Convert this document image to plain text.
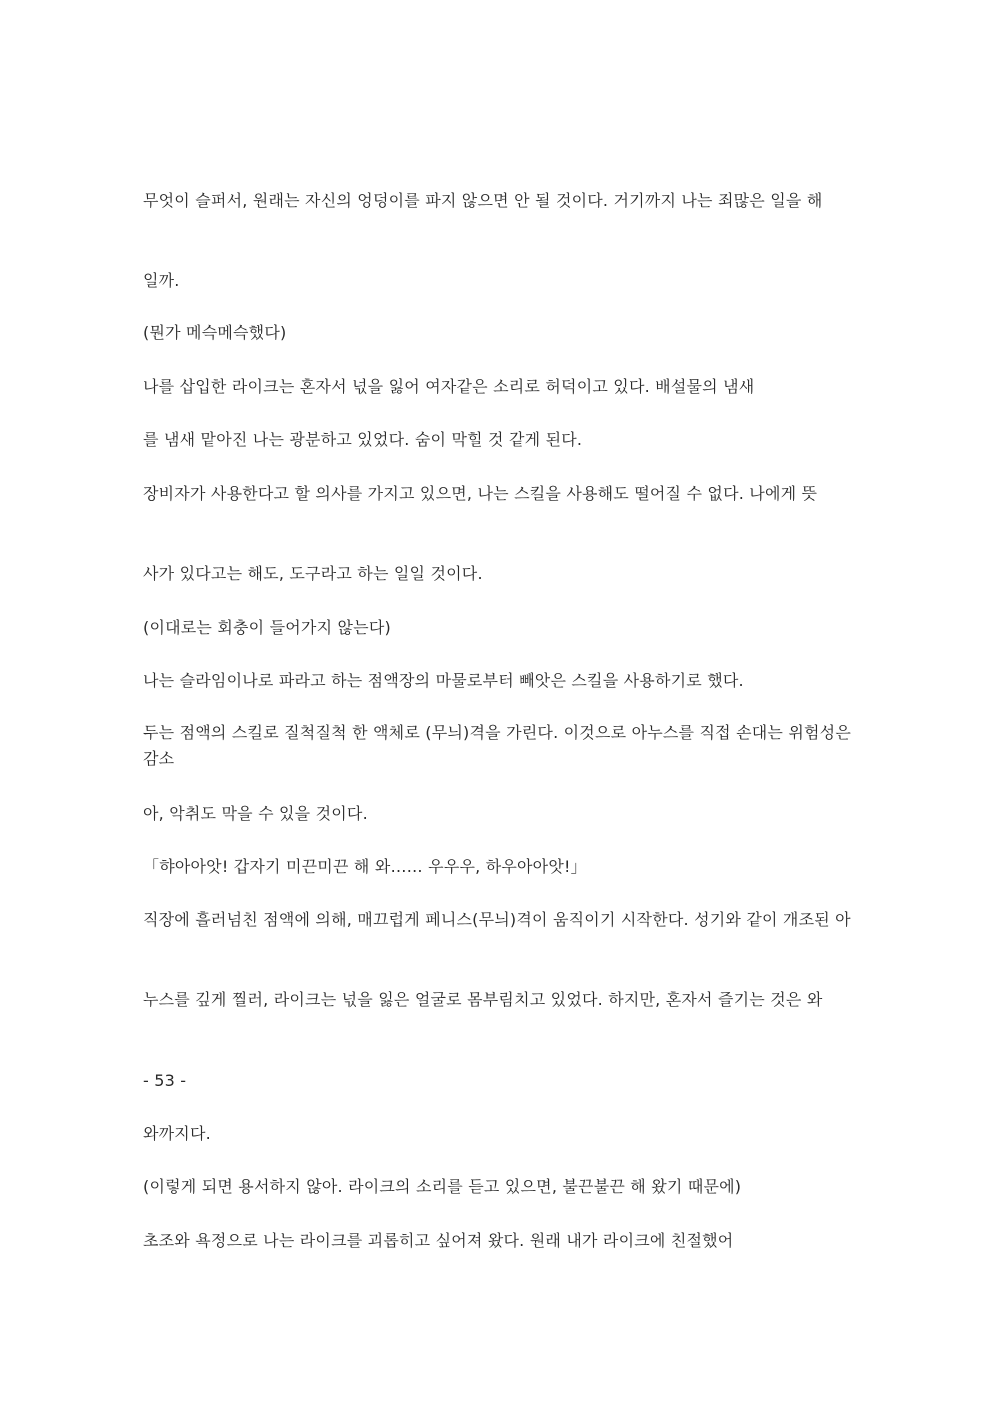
무엇이 슬퍼서, 원래는 자신의 엉덩이를 파지 않으면 안 될 것이다. 거기까지 나는 죄많은 일을 해

일까.

(뭔가 메슥메슥했다)

나를 삽입한 라이크는 혼자서 넋을 잃어 여자같은 소리로 허덕이고 있다. 배설물의 냄새

를 냄새 맡아진 나는 광분하고 있었다. 숨이 막힐 것 같게 된다.

장비자가 사용한다고 할 의사를 가지고 있으면, 나는 스킬을 사용해도 떨어질 수 없다. 나에게 뜻

사가 있다고는 해도, 도구라고 하는 일일 것이다.

(이대로는 회충이 들어가지 않는다)

나는 슬라임이나로 파라고 하는 점액장의 마물로부터 빼앗은 스킬을 사용하기로 했다.

두는 점액의 스킬로 질척질척 한 액체로 (무늬)격을 가린다. 이것으로 아누스를 직접 손대는 위험성은 감소

아, 악취도 막을 수 있을 것이다.

「햐아아앗! 갑자기 미끈미끈 해 와…… 우우우, 하우아아앗!」

직장에 흘러넘친 점액에 의해, 매끄럽게 페니스(무늬)격이 움직이기 시작한다. 성기와 같이 개조된 아

누스를 깊게 찔러, 라이크는 넋을 잃은 얼굴로 몸부림치고 있었다. 하지만, 혼자서 즐기는 것은 와

- 53 -

와까지다.

(이렇게 되면 용서하지 않아. 라이크의 소리를 듣고 있으면, 불끈불끈 해 왔기 때문에)

초조와 욕정으로 나는 라이크를 괴롭히고 싶어져 왔다. 원래 내가 라이크에 친절했어
